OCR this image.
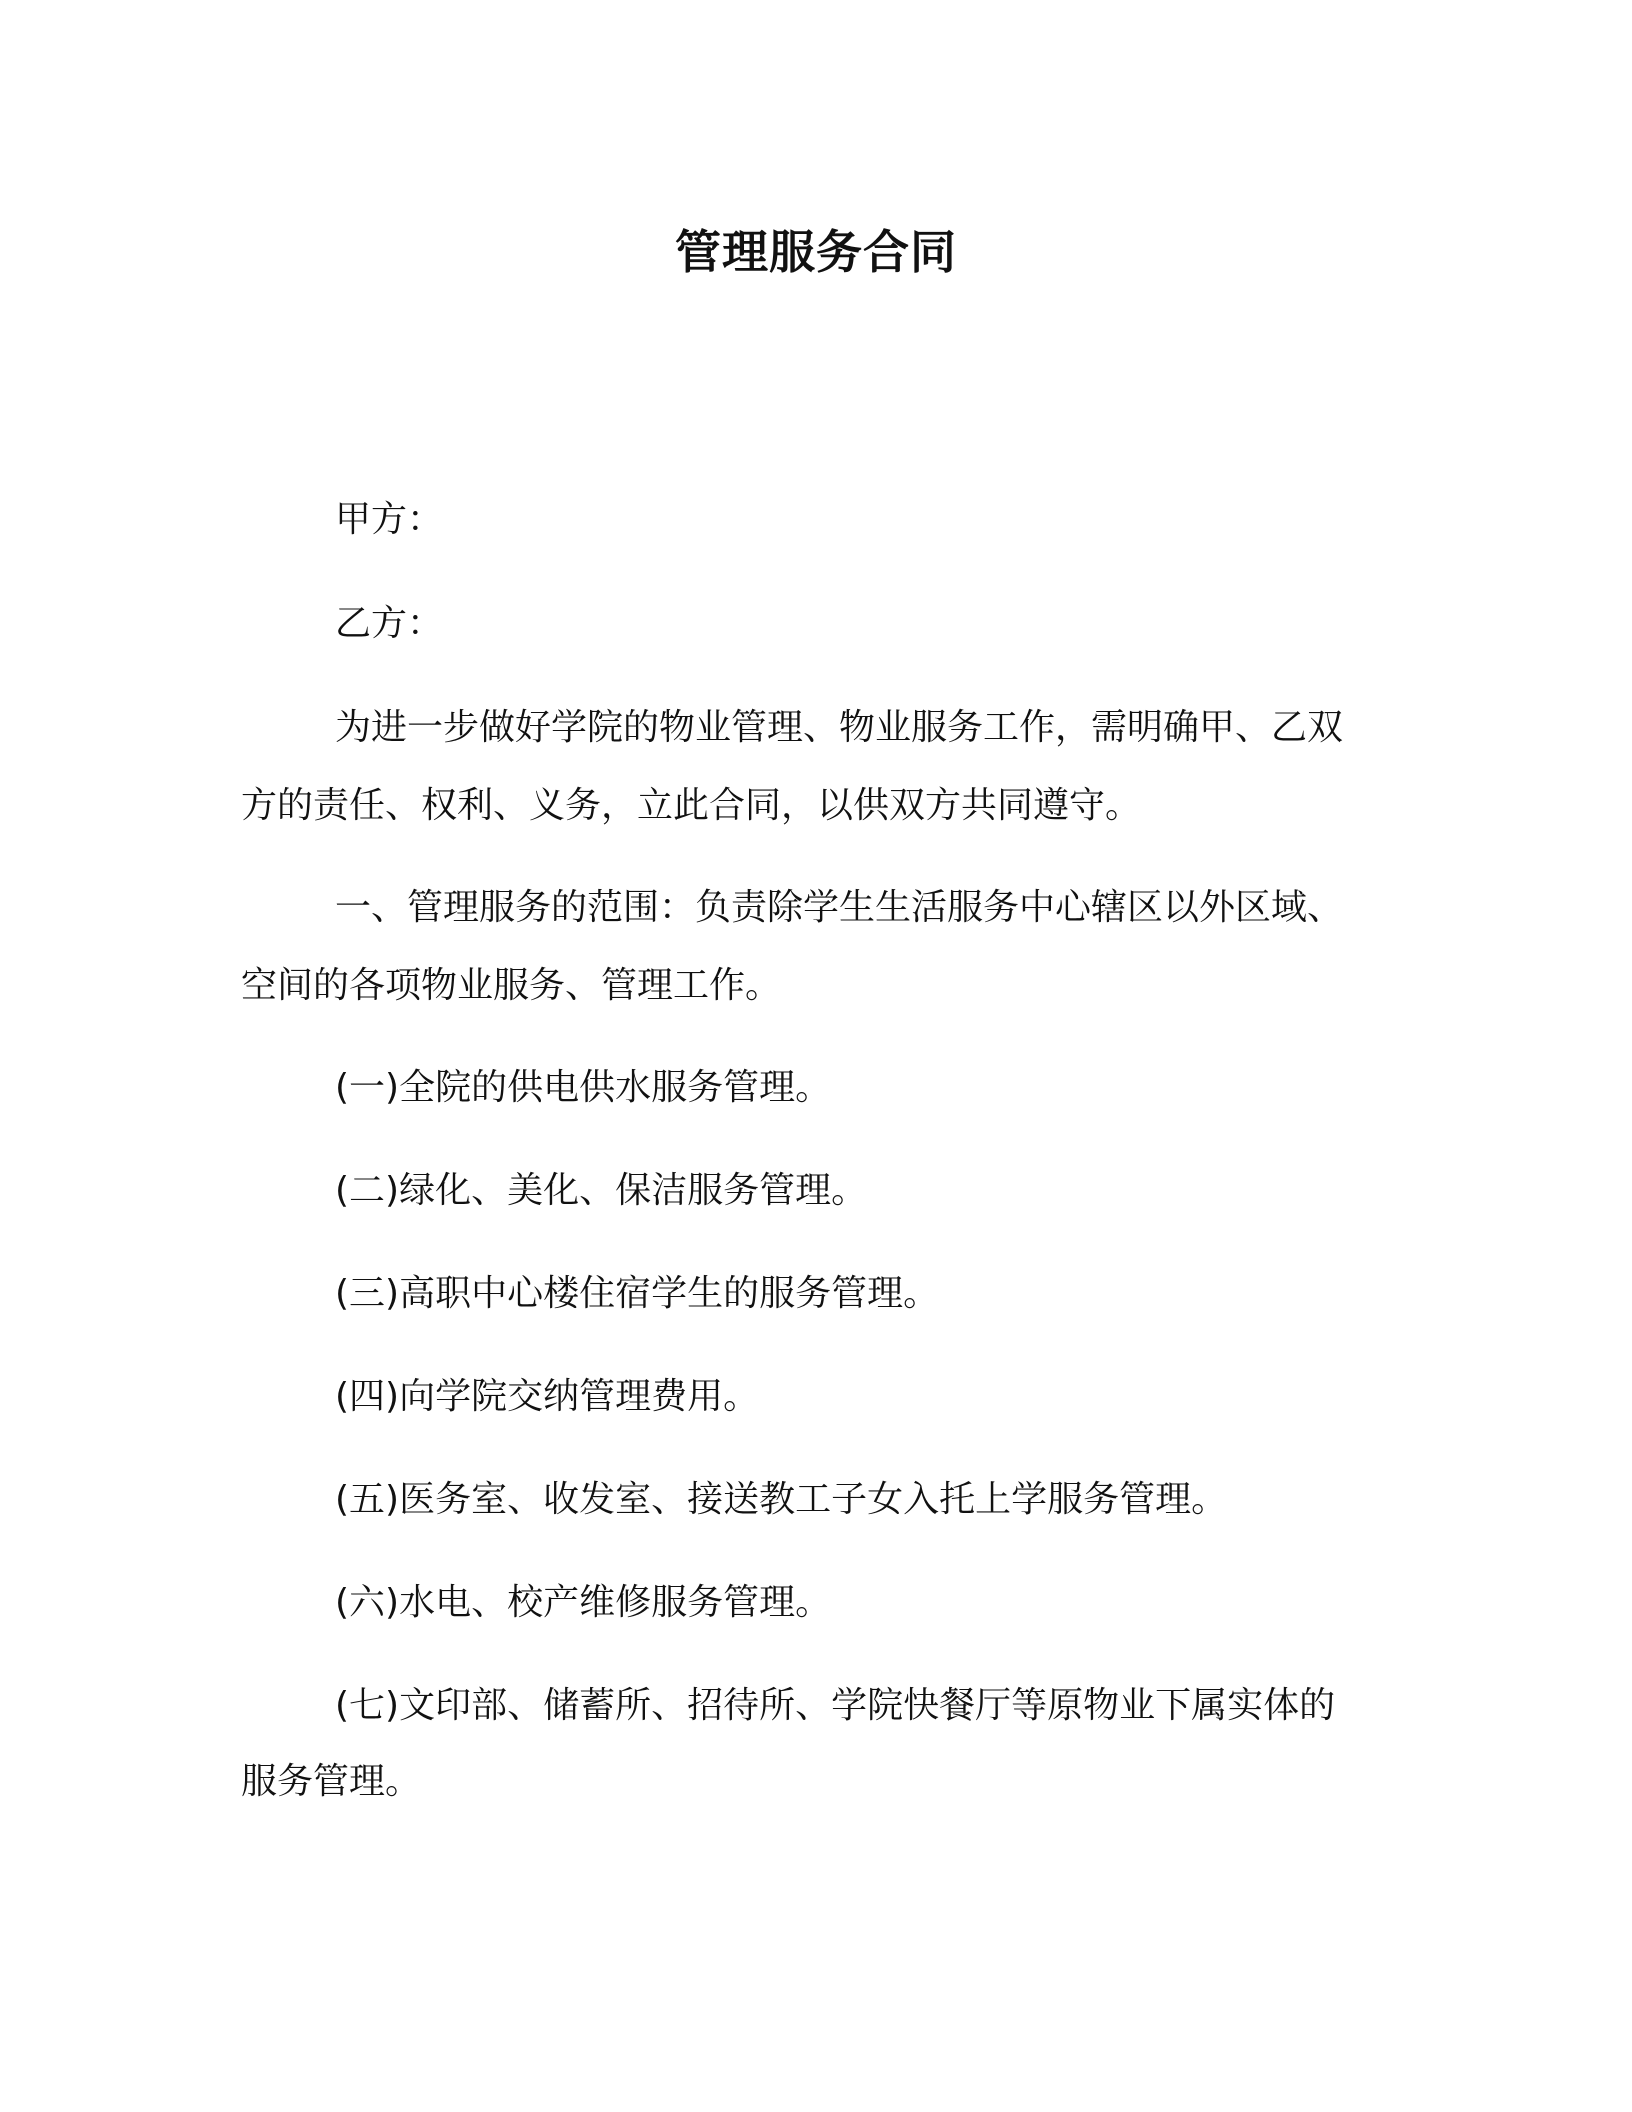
管理服务合同
甲方：
乙方：
为进一步做好学院的物业管理、物业服务工作，需明确甲、乙双
方的责任、权利、义务，立此合同，以供双方共同遵守。
一、管理服务的范围：负责除学生生活服务中心辖区以外区域、
空间的各项物业服务、管理工作。
(一)全院的供电供水服务管理。
(二)绿化、美化、保洁服务管理。
(三)高职中心楼住宿学生的服务管理。
(四)向学院交纳管理费用。
(五)医务室、收发室、接送教工子女入托上学服务管理。
(六)水电、校产维修服务管理。
(七)文印部、储蓄所、招待所、学院快餐厅等原物业下属实体的
服务管理。
